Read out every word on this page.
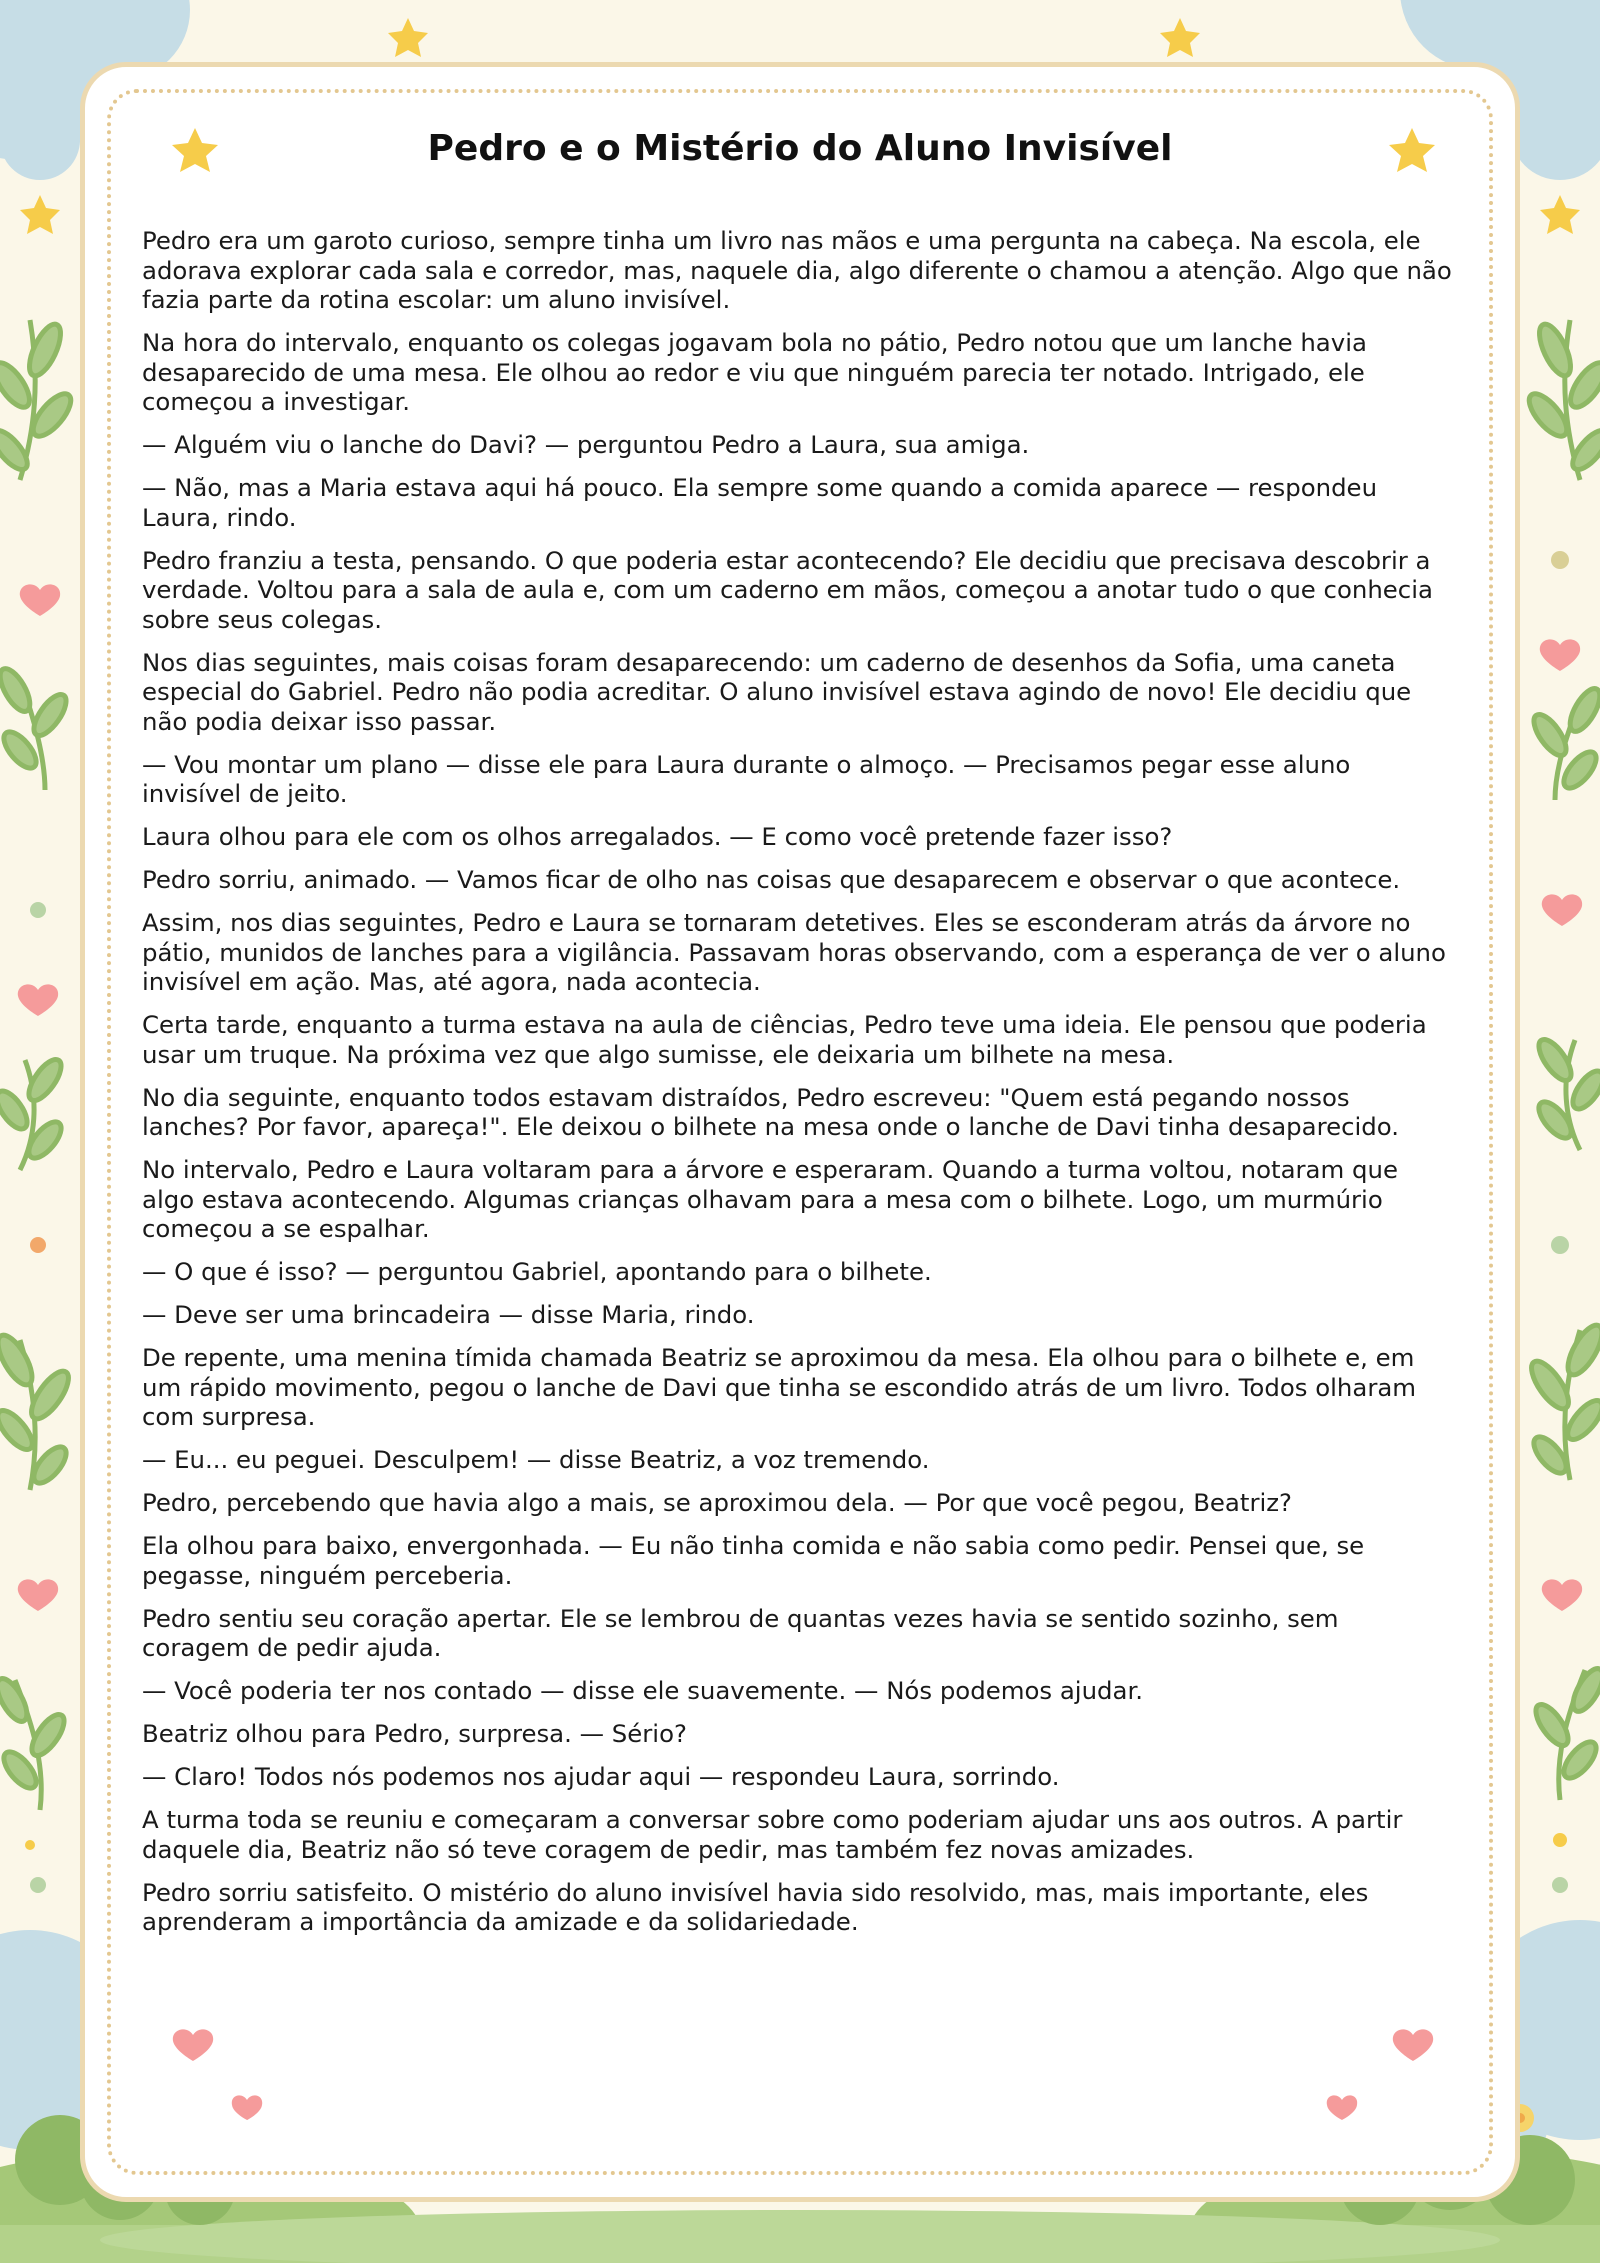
Pedro e o Mistério do Aluno Invisível

Pedro era um garoto curioso, sempre tinha um livro nas mãos e uma pergunta na cabeça. Na escola, ele adorava explorar cada sala e corredor, mas, naquele dia, algo diferente o chamou a atenção. Algo que não fazia parte da rotina escolar: um aluno invisível.

Na hora do intervalo, enquanto os colegas jogavam bola no pátio, Pedro notou que um lanche havia desaparecido de uma mesa. Ele olhou ao redor e viu que ninguém parecia ter notado. Intrigado, ele começou a investigar.

— Alguém viu o lanche do Davi? — perguntou Pedro a Laura, sua amiga.

— Não, mas a Maria estava aqui há pouco. Ela sempre some quando a comida aparece — respondeu Laura, rindo.

Pedro franziu a testa, pensando. O que poderia estar acontecendo? Ele decidiu que precisava descobrir a verdade. Voltou para a sala de aula e, com um caderno em mãos, começou a anotar tudo o que conhecia sobre seus colegas.

Nos dias seguintes, mais coisas foram desaparecendo: um caderno de desenhos da Sofia, uma caneta especial do Gabriel. Pedro não podia acreditar. O aluno invisível estava agindo de novo! Ele decidiu que não podia deixar isso passar.

— Vou montar um plano — disse ele para Laura durante o almoço. — Precisamos pegar esse aluno invisível de jeito.

Laura olhou para ele com os olhos arregalados. — E como você pretende fazer isso?

Pedro sorriu, animado. — Vamos ficar de olho nas coisas que desaparecem e observar o que acontece.

Assim, nos dias seguintes, Pedro e Laura se tornaram detetives. Eles se esconderam atrás da árvore no pátio, munidos de lanches para a vigilância. Passavam horas observando, com a esperança de ver o aluno invisível em ação. Mas, até agora, nada acontecia.

Certa tarde, enquanto a turma estava na aula de ciências, Pedro teve uma ideia. Ele pensou que poderia usar um truque. Na próxima vez que algo sumisse, ele deixaria um bilhete na mesa.

No dia seguinte, enquanto todos estavam distraídos, Pedro escreveu: "Quem está pegando nossos lanches? Por favor, apareça!". Ele deixou o bilhete na mesa onde o lanche de Davi tinha desaparecido.

No intervalo, Pedro e Laura voltaram para a árvore e esperaram. Quando a turma voltou, notaram que algo estava acontecendo. Algumas crianças olhavam para a mesa com o bilhete. Logo, um murmúrio começou a se espalhar.

— O que é isso? — perguntou Gabriel, apontando para o bilhete.

— Deve ser uma brincadeira — disse Maria, rindo.

De repente, uma menina tímida chamada Beatriz se aproximou da mesa. Ela olhou para o bilhete e, em um rápido movimento, pegou o lanche de Davi que tinha se escondido atrás de um livro. Todos olharam com surpresa.

— Eu... eu peguei. Desculpem! — disse Beatriz, a voz tremendo.

Pedro, percebendo que havia algo a mais, se aproximou dela. — Por que você pegou, Beatriz?

Ela olhou para baixo, envergonhada. — Eu não tinha comida e não sabia como pedir. Pensei que, se pegasse, ninguém perceberia.

Pedro sentiu seu coração apertar. Ele se lembrou de quantas vezes havia se sentido sozinho, sem coragem de pedir ajuda.

— Você poderia ter nos contado — disse ele suavemente. — Nós podemos ajudar.

Beatriz olhou para Pedro, surpresa. — Sério?

— Claro! Todos nós podemos nos ajudar aqui — respondeu Laura, sorrindo.

A turma toda se reuniu e começaram a conversar sobre como poderiam ajudar uns aos outros. A partir daquele dia, Beatriz não só teve coragem de pedir, mas também fez novas amizades.

Pedro sorriu satisfeito. O mistério do aluno invisível havia sido resolvido, mas, mais importante, eles aprenderam a importância da amizade e da solidariedade.
